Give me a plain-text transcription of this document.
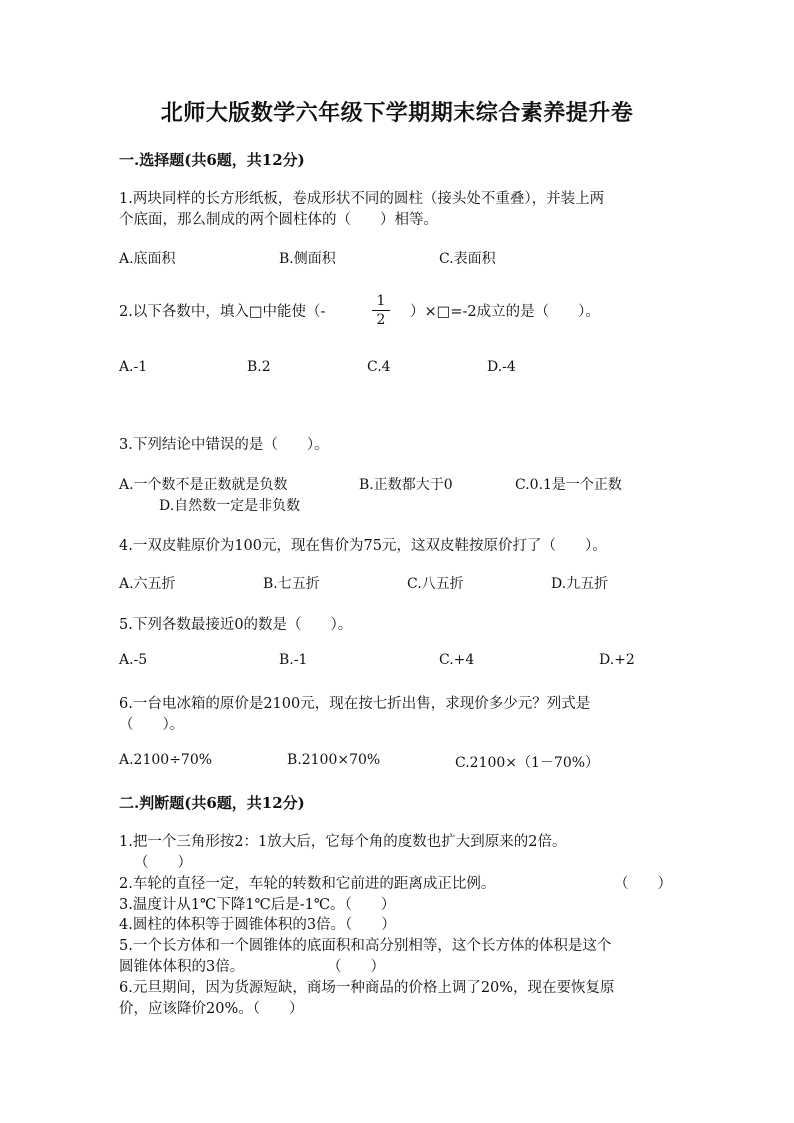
北师大版数学六年级下学期期末综合素养提升卷
一.选择题(共6题，共12分)
1.两块同样的长方形纸板，卷成形状不同的圆柱（接头处不重叠），并装上两
个底面，那么制成的两个圆柱体的（　　）相等。
A.底面积	B.侧面积	C.表面积
2.以下各数中，填入□中能使（-	$\frac{1}{2}$ ）×□=-2成立的是（　　）。
A.-1	B.2	C.4	D.-4
3.下列结论中错误的是（　　）。
A.一个数不是正数就是负数	B.正数都大于0	C.0.1是一个正数
D.自然数一定是非负数
4.一双皮鞋原价为100元，现在售价为75元，这双皮鞋按原价打了（　　）。
A.六五折	B.七五折	C.八五折	D.九五折
5.下列各数最接近0的数是（　　）。
A.-5	B.-1	C.+4	D.+2
6.一台电冰箱的原价是2100元，现在按七折出售，求现价多少元？列式是
（　　）。
A.2100÷70%	B.2100×70%	C.2100×（1－70%）
二.判断题(共6题，共12分)
1.把一个三角形按2：1放大后，它每个角的度数也扩大到原来的2倍。
（　　）
2.车轮的直径一定，车轮的转数和它前进的距离成正比例。	（　　）
3.温度计从1℃下降1℃后是-1℃。（　　）
4.圆柱的体积等于圆锥体积的3倍。（　　）
5.一个长方体和一个圆锥体的底面积和高分别相等，这个长方体的体积是这个
圆锥体体积的3倍。	（　　）
6.元旦期间，因为货源短缺，商场一种商品的价格上调了20%，现在要恢复原
价，应该降价20%。（　　）
